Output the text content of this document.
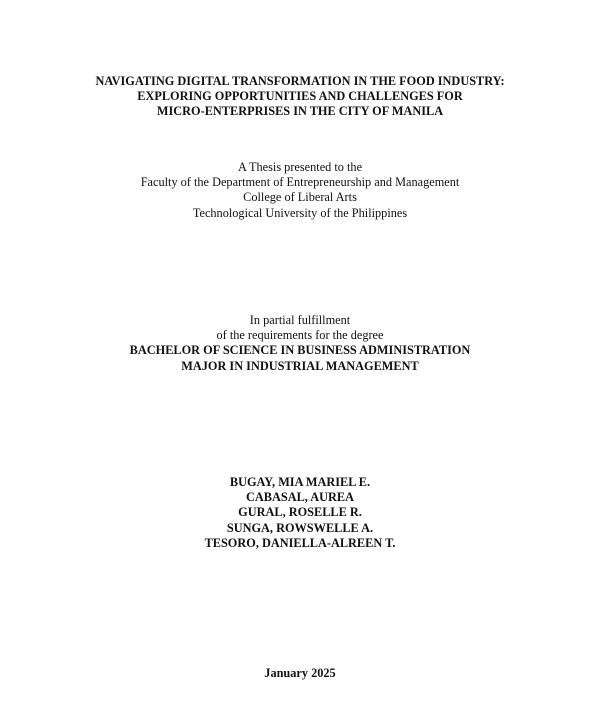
NAVIGATING DIGITAL TRANSFORMATION IN THE FOOD INDUSTRY:
EXPLORING OPPORTUNITIES AND CHALLENGES FOR
MICRO-ENTERPRISES IN THE CITY OF MANILA
A Thesis presented to the
Faculty of the Department of Entrepreneurship and Management
College of Liberal Arts
Technological University of the Philippines
In partial fulfillment
of the requirements for the degree
BACHELOR OF SCIENCE IN BUSINESS ADMINISTRATION
MAJOR IN INDUSTRIAL MANAGEMENT
BUGAY, MIA MARIEL E.
CABASAL, AUREA
GURAL, ROSELLE R.
SUNGA, ROWSWELLE A.
TESORO, DANIELLA-ALREEN T.
January 2025
